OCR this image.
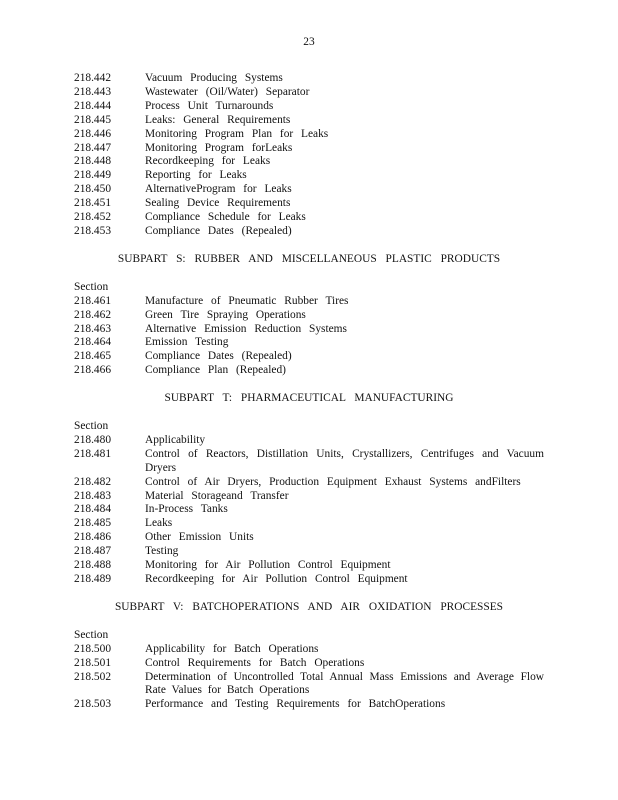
23
218.442	Vacuum Producing Systems
218.443	Wastewater (Oil/Water) Separator
218.444	Process Unit Turnarounds
218.445	Leaks: General Requirements
218.446	Monitoring Program Plan for Leaks
218.447	Monitoring Program forLeaks
218.448	Recordkeeping for Leaks
218.449	Reporting for Leaks
218.450	AlternativeProgram for Leaks
218.451	Sealing Device Requirements
218.452	Compliance Schedule for Leaks
218.453	Compliance Dates (Repealed)
SUBPART S: RUBBER AND MISCELLANEOUS PLASTIC PRODUCTS
Section
218.461	Manufacture of Pneumatic Rubber Tires
218.462	Green Tire Spraying Operations
218.463	Alternative Emission Reduction Systems
218.464	Emission Testing
218.465	Compliance Dates (Repealed)
218.466	Compliance Plan (Repealed)
SUBPART T: PHARMACEUTICAL MANUFACTURING
Section
218.480	Applicability
218.481	Control of Reactors, Distillation Units, Crystallizers, Centrifuges and Vacuum Dryers
218.482	Control of Air Dryers, Production Equipment Exhaust Systems andFilters
218.483	Material Storageand Transfer
218.484	In-Process Tanks
218.485	Leaks
218.486	Other Emission Units
218.487	Testing
218.488	Monitoring for Air Pollution Control Equipment
218.489	Recordkeeping for Air Pollution Control Equipment
SUBPART V: BATCHOPERATIONS AND AIR OXIDATION PROCESSES
Section
218.500	Applicability for Batch Operations
218.501	Control Requirements for Batch Operations
218.502	Determination of Uncontrolled Total Annual Mass Emissions and Average Flow Rate Values for Batch Operations
218.503	Performance and Testing Requirements for BatchOperations
